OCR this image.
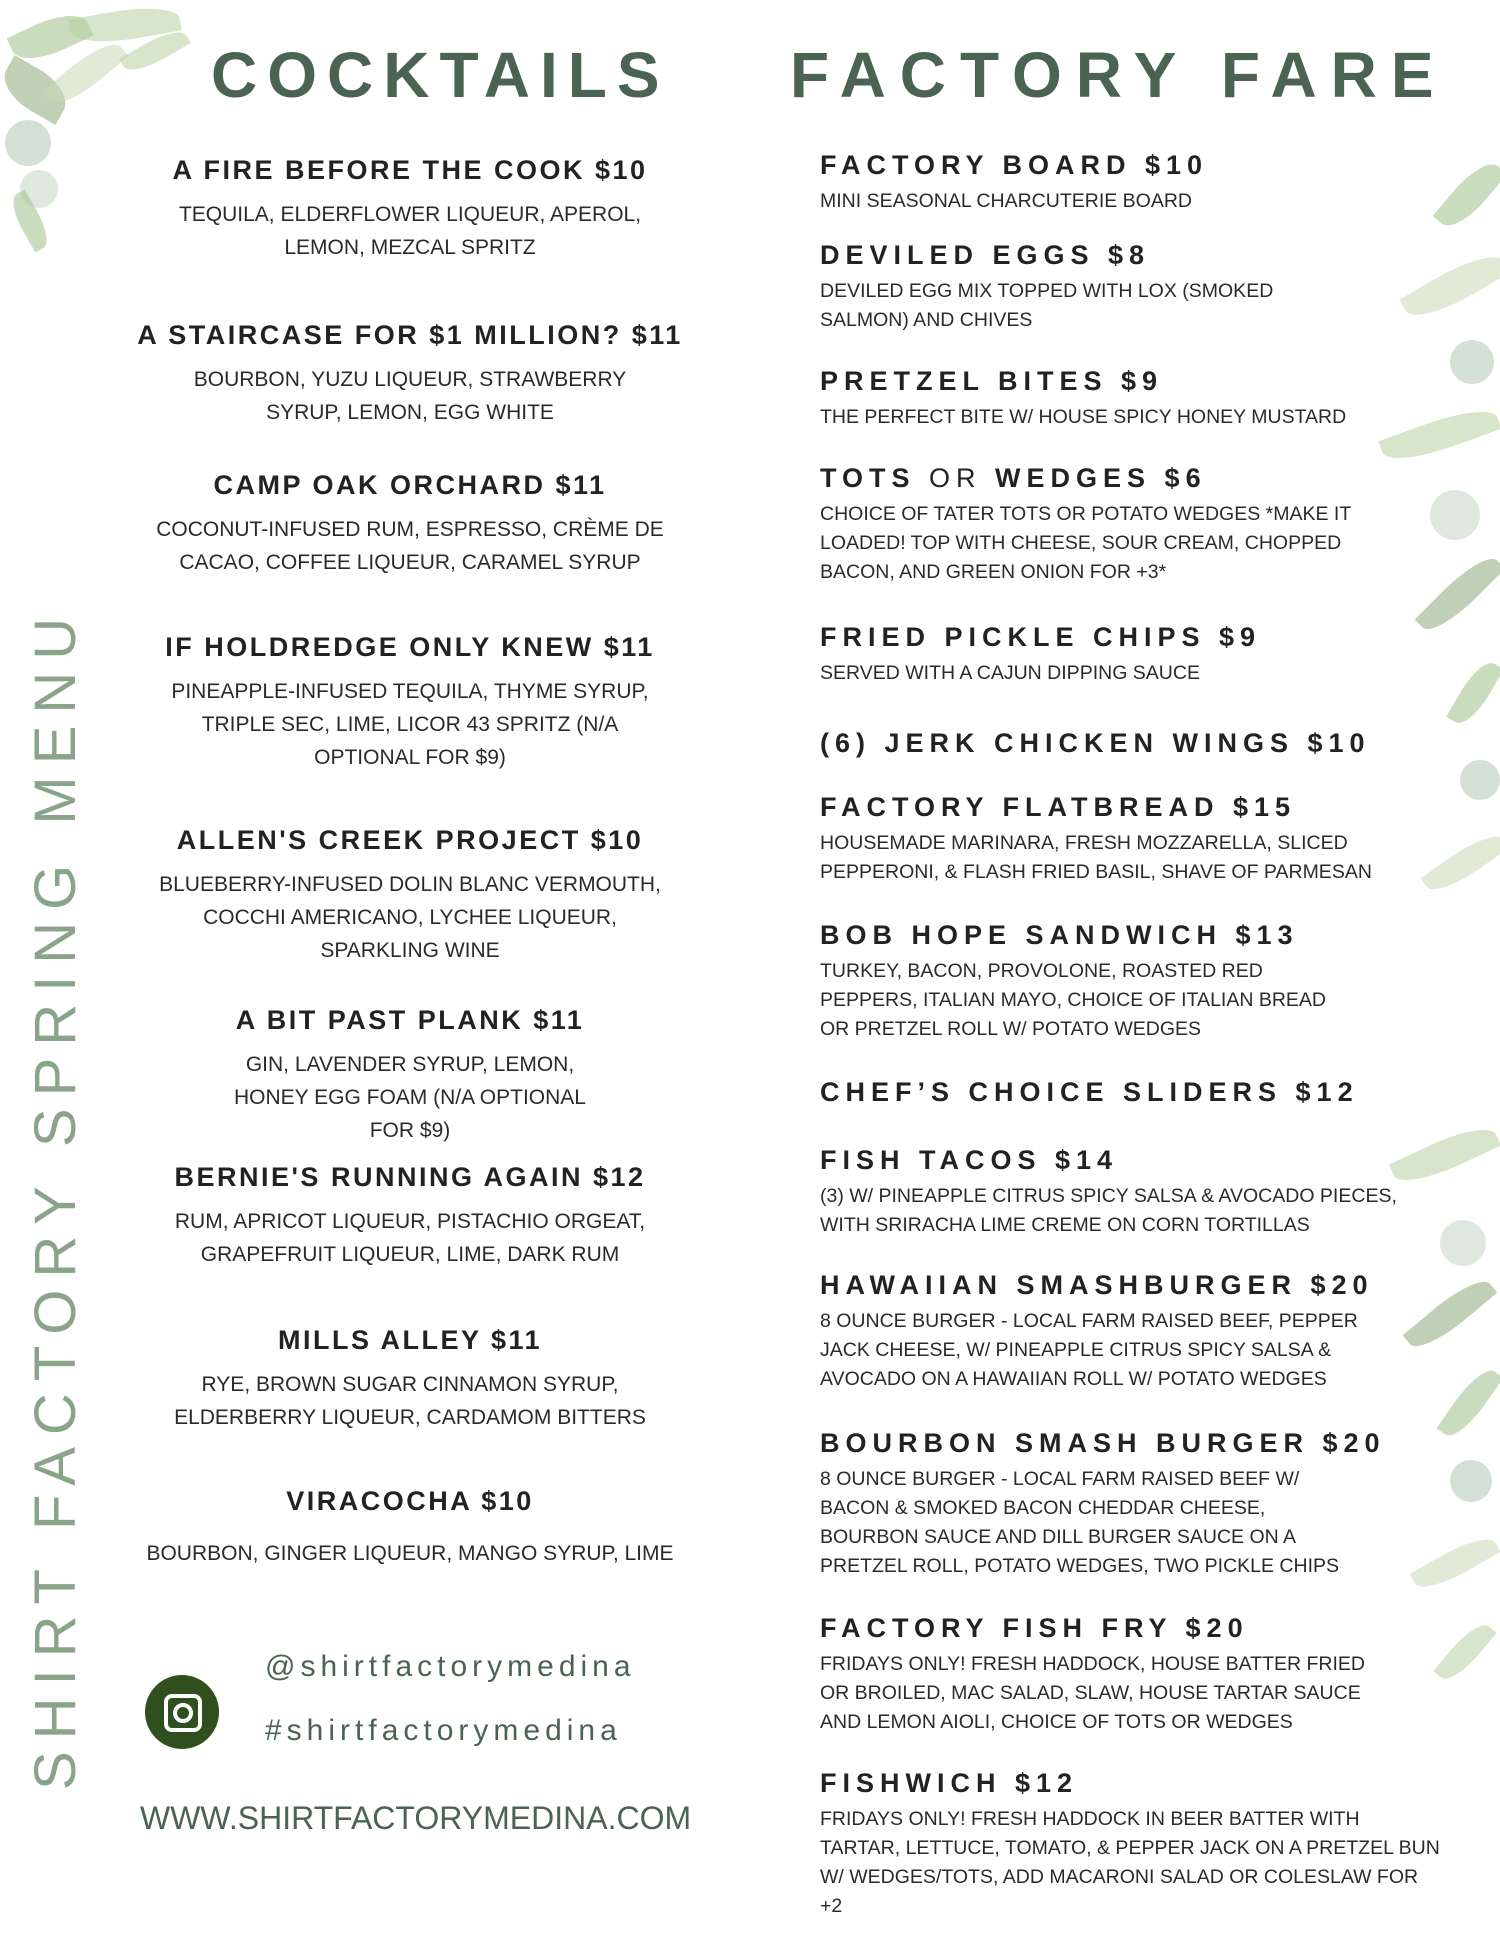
SHIRT FACTORY SPRING MENU
COCKTAILS FACTORY FARE
A FIRE BEFORE THE COOK $10
TEQUILA, ELDERFLOWER LIQUEUR, APEROL, LEMON, MEZCAL SPRITZ
A STAIRCASE FOR $1 MILLION? $11
BOURBON, YUZU LIQUEUR, STRAWBERRY SYRUP, LEMON, EGG WHITE
CAMP OAK ORCHARD $11
COCONUT-INFUSED RUM, ESPRESSO, CRÈME DE CACAO, COFFEE LIQUEUR, CARAMEL SYRUP
IF HOLDREDGE ONLY KNEW $11
PINEAPPLE-INFUSED TEQUILA, THYME SYRUP, TRIPLE SEC, LIME, LICOR 43 SPRITZ (N/A OPTIONAL FOR $9)
ALLEN'S CREEK PROJECT $10
BLUEBERRY-INFUSED DOLIN BLANC VERMOUTH, COCCHI AMERICANO, LYCHEE LIQUEUR, SPARKLING WINE
A BIT PAST PLANK $11
GIN, LAVENDER SYRUP, LEMON, HONEY EGG FOAM (N/A OPTIONAL FOR $9)
BERNIE'S RUNNING AGAIN $12
RUM, APRICOT LIQUEUR, PISTACHIO ORGEAT, GRAPEFRUIT LIQUEUR, LIME, DARK RUM
MILLS ALLEY $11
RYE, BROWN SUGAR CINNAMON SYRUP, ELDERBERRY LIQUEUR, CARDAMOM BITTERS
VIRACOCHA $10
BOURBON, GINGER LIQUEUR, MANGO SYRUP, LIME
FACTORY BOARD $10
MINI SEASONAL CHARCUTERIE BOARD
DEVILED EGGS $8
DEVILED EGG MIX TOPPED WITH LOX (SMOKED SALMON) AND CHIVES
PRETZEL BITES $9
THE PERFECT BITE W/ HOUSE SPICY HONEY MUSTARD
TOTS OR WEDGES $6
CHOICE OF TATER TOTS OR POTATO WEDGES *MAKE IT LOADED! TOP WITH CHEESE, SOUR CREAM, CHOPPED BACON, AND GREEN ONION FOR +3*
FRIED PICKLE CHIPS $9
SERVED WITH A CAJUN DIPPING SAUCE
(6) JERK CHICKEN WINGS $10
FACTORY FLATBREAD $15
HOUSEMADE MARINARA, FRESH MOZZARELLA, SLICED PEPPERONI, & FLASH FRIED BASIL, SHAVE OF PARMESAN
BOB HOPE SANDWICH $13
TURKEY, BACON, PROVOLONE, ROASTED RED PEPPERS, ITALIAN MAYO, CHOICE OF ITALIAN BREAD OR PRETZEL ROLL W/ POTATO WEDGES
CHEF’S CHOICE SLIDERS $12
FISH TACOS $14
(3) W/ PINEAPPLE CITRUS SPICY SALSA & AVOCADO PIECES, WITH SRIRACHA LIME CREME ON CORN TORTILLAS
HAWAIIAN SMASHBURGER $20
8 OUNCE BURGER - LOCAL FARM RAISED BEEF, PEPPER JACK CHEESE, W/ PINEAPPLE CITRUS SPICY SALSA & AVOCADO ON A HAWAIIAN ROLL W/ POTATO WEDGES
BOURBON SMASH BURGER $20
8 OUNCE BURGER - LOCAL FARM RAISED BEEF W/ BACON & SMOKED BACON CHEDDAR CHEESE, BOURBON SAUCE AND DILL BURGER SAUCE ON A PRETZEL ROLL, POTATO WEDGES, TWO PICKLE CHIPS
FACTORY FISH FRY $20
FRIDAYS ONLY! FRESH HADDOCK, HOUSE BATTER FRIED OR BROILED, MAC SALAD, SLAW, HOUSE TARTAR SAUCE AND LEMON AIOLI, CHOICE OF TOTS OR WEDGES
FISHWICH $12
FRIDAYS ONLY! FRESH HADDOCK IN BEER BATTER WITH TARTAR, LETTUCE, TOMATO, & PEPPER JACK ON A PRETZEL BUN W/ WEDGES/TOTS, ADD MACARONI SALAD OR COLESLAW FOR +2
@shirtfactorymedina
#shirtfactorymedina
WWW.SHIRTFACTORYMEDINA.COM
